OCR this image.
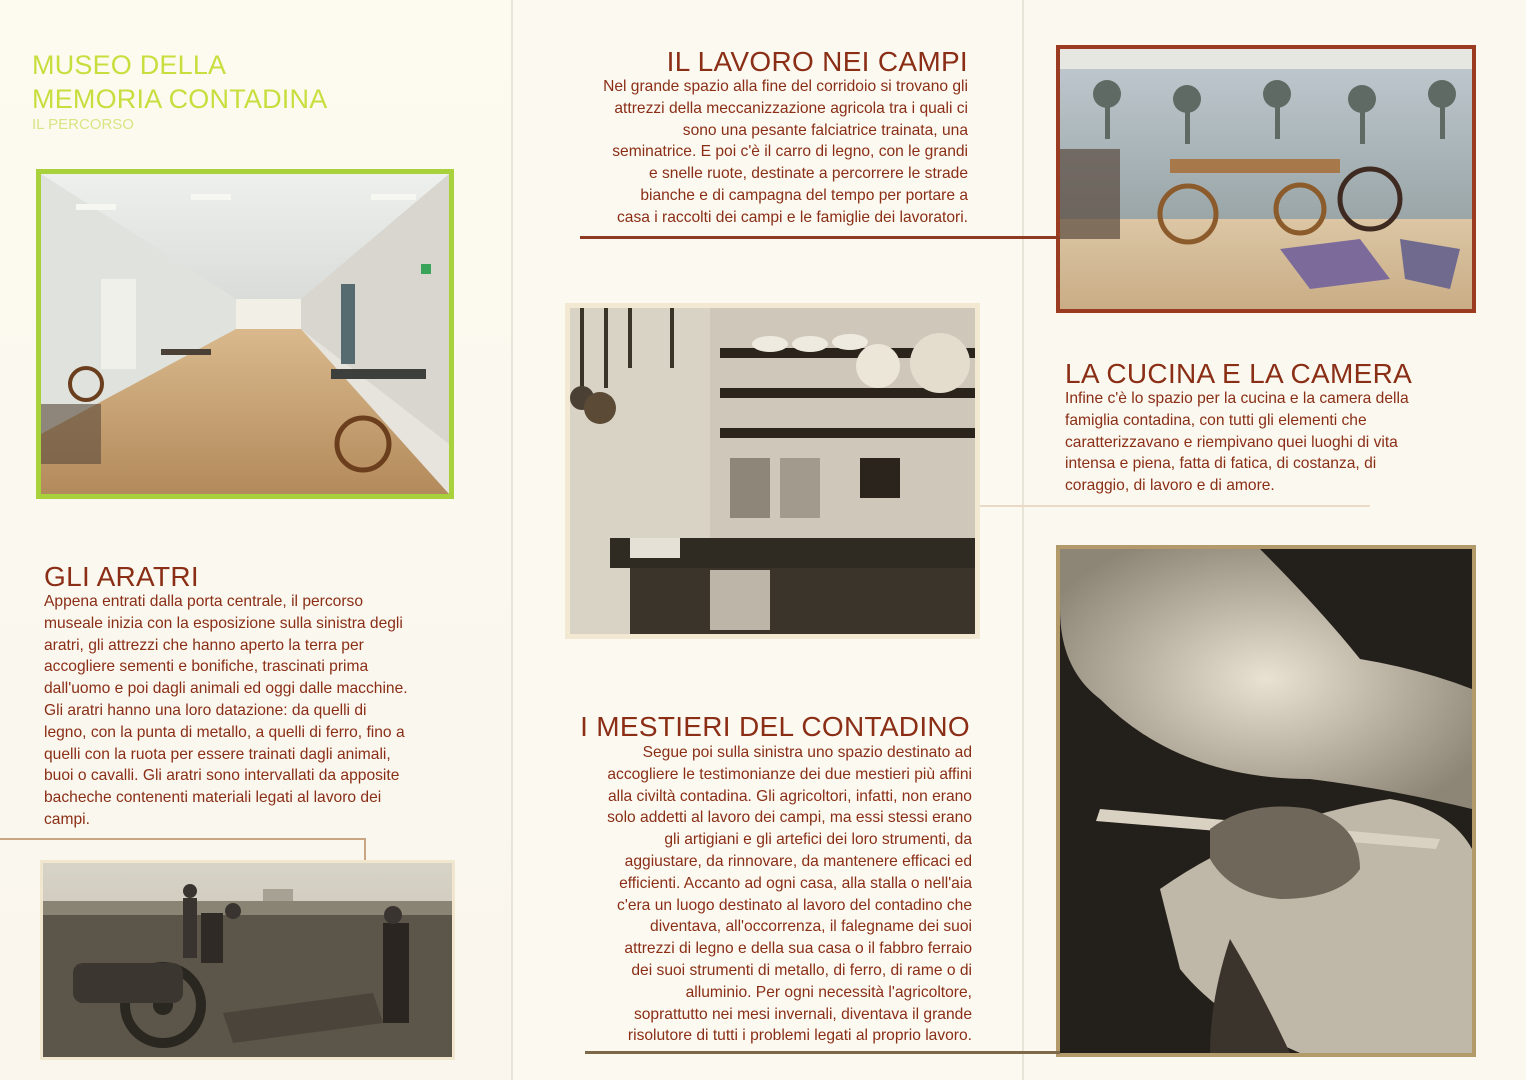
MUSEO DELLA
MEMORIA CONTADINA
IL PERCORSO
GLI ARATRI
Appena entrati dalla porta centrale, il percorso
museale inizia con la esposizione sulla sinistra degli
aratri, gli attrezzi che hanno aperto la terra per
accogliere sementi e bonifiche, trascinati prima
dall'uomo e poi dagli animali ed oggi dalle macchine.
Gli aratri hanno una loro datazione: da quelli di
legno, con la punta di metallo, a quelli di ferro, fino a
quelli con la ruota per essere trainati dagli animali,
buoi o cavalli. Gli aratri sono intervallati da apposite
bacheche contenenti materiali legati al lavoro dei
campi.
IL LAVORO NEI CAMPI
Nel grande spazio alla fine del corridoio si trovano gli
attrezzi della meccanizzazione agricola tra i quali ci
sono una pesante falciatrice trainata, una
seminatrice. E poi c'è il carro di legno, con le grandi
e snelle ruote, destinate a percorrere le strade
bianche e di campagna del tempo per portare a
casa i raccolti dei campi e le famiglie dei lavoratori.
I MESTIERI DEL CONTADINO
Segue poi sulla sinistra uno spazio destinato ad
accogliere le testimonianze dei due mestieri più affini
alla civiltà contadina. Gli agricoltori, infatti, non erano
solo addetti al lavoro dei campi, ma essi stessi erano
gli artigiani e gli artefici dei loro strumenti, da
aggiustare, da rinnovare, da mantenere efficaci ed
efficienti. Accanto ad ogni casa, alla stalla o nell'aia
c'era un luogo destinato al lavoro del contadino che
diventava, all'occorrenza, il falegname dei suoi
attrezzi di legno e della sua casa o il fabbro ferraio
dei suoi strumenti di metallo, di ferro, di rame o di
alluminio. Per ogni necessità l'agricoltore,
soprattutto nei mesi invernali, diventava il grande
risolutore di tutti i problemi legati al proprio lavoro.
LA CUCINA E LA CAMERA
Infine c'è lo spazio per la cucina e la camera della
famiglia contadina, con tutti gli elementi che
caratterizzavano e riempivano quei luoghi di vita
intensa e piena, fatta di fatica, di costanza, di
coraggio, di lavoro e di amore.
